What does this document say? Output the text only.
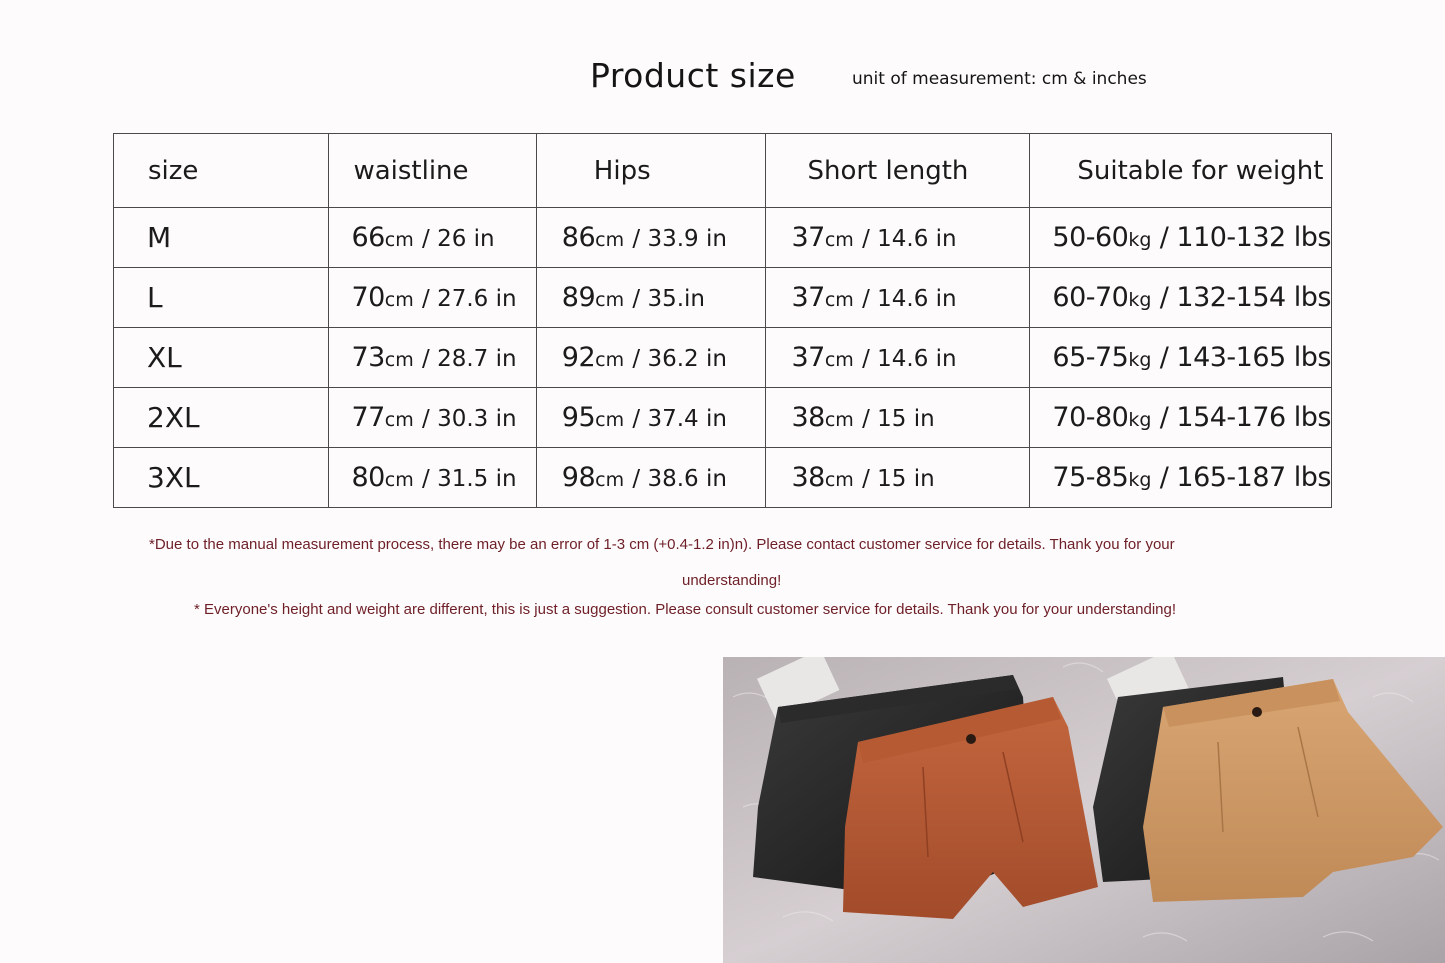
Product size	unit of measurement: cm & inches
size	waistline	Hips	Short length	Suitable for weight
M	66cm / 26 in	86cm / 33.9 in	37cm / 14.6 in	50-60kg / 110-132 lbs
L	70cm / 27.6 in	89cm / 35.in	37cm / 14.6 in	60-70kg / 132-154 lbs
XL	73cm / 28.7 in	92cm / 36.2 in	37cm / 14.6 in	65-75kg / 143-165 lbs
2XL	77cm / 30.3 in	95cm / 37.4 in	38cm / 15 in	70-80kg / 154-176 lbs
3XL	80cm / 31.5 in	98cm / 38.6 in	38cm / 15 in	75-85kg / 165-187 lbs
*Due to the manual measurement process, there may be an error of 1-3 cm (+0.4-1.2 in)n). Please contact customer service for details. Thank you for your
understanding!
* Everyone's height and weight are different, this is just a suggestion. Please consult customer service for details. Thank you for your understanding!
